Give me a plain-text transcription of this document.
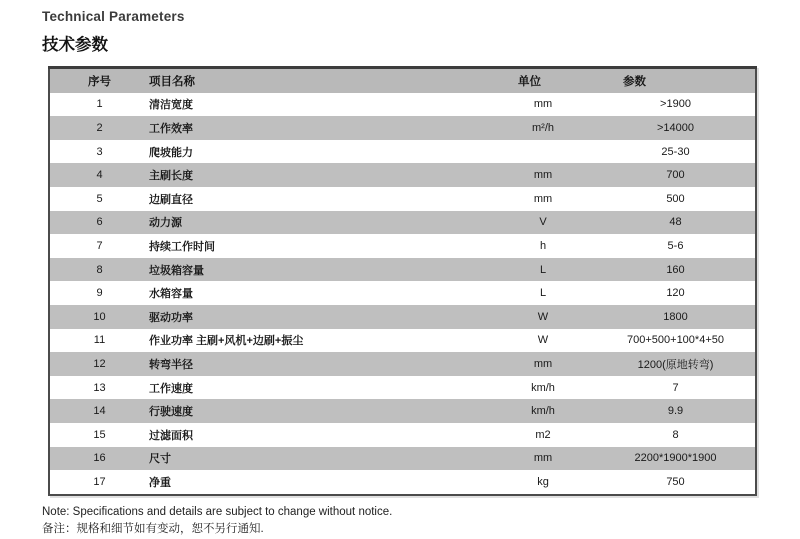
Technical Parameters
技术参数
序号	项目名称	单位	参数
1	清洁宽度	mm	>1900
2	工作效率	m²/h	>14000
3	爬坡能力		25-30
4	主刷长度	mm	700
5	边刷直径	mm	500
6	动力源	V	48
7	持续工作时间	h	5-6
8	垃圾箱容量	L	160
9	水箱容量	L	120
10	驱动功率	W	1800
11	作业功率 主刷+风机+边刷+振尘	W	700+500+100*4+50
12	转弯半径	mm	1200(原地转弯)
13	工作速度	km/h	7
14	行驶速度	km/h	9.9
15	过滤面积	m2	8
16	尺寸	mm	2200*1900*1900
17	净重	kg	750

Note: Specifications and details are subject to change without notice.

备注：规格和细节如有变动，恕不另行通知.
